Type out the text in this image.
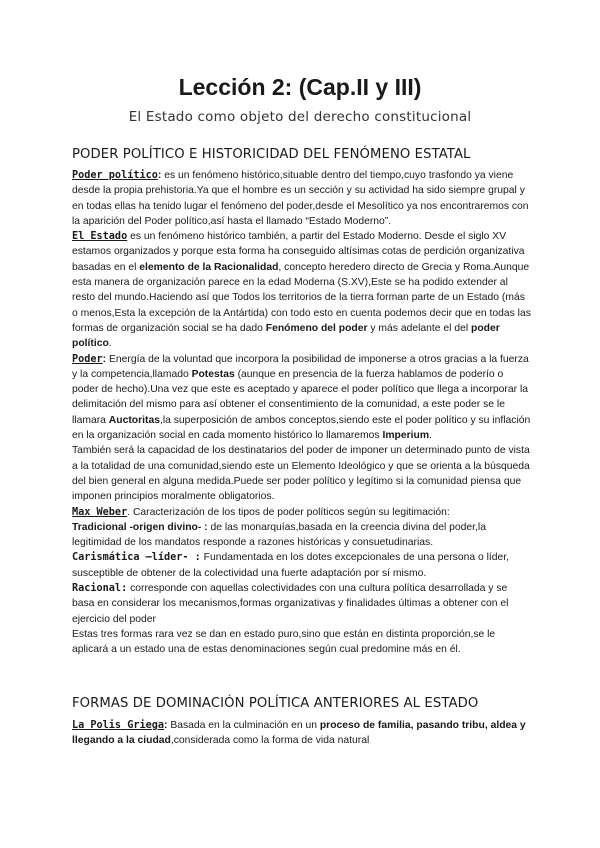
Lección 2: (Cap.II y III)
El Estado como objeto del derecho constitucional
PODER POLÍTICO E HISTORICIDAD DEL FENÓMENO ESTATAL

Poder político: es un fenómeno histórico,situable dentro del tiempo,cuyo trasfondo ya viene desde la propia prehistoria.Ya que el hombre es un sección y su actividad ha sido siempre grupal y en todas ellas ha tenido lugar el fenómeno del poder,desde el Mesolítico ya nos encontraremos con la aparición del Poder político,así hasta el llamado “Estado Moderno”.

El Estado es un fenómeno histórico también, a partir del Estado Moderno. Desde el siglo XV estamos organizados y porque esta forma ha conseguido altísimas cotas de perdición organizativa basadas en el elemento de la Racionalidad, concepto heredero directo de Grecia y Roma.Aunque esta manera de organización parece en la edad Moderna (S.XV),Este se ha podido extender al resto del mundo.Haciendo así que Todos los territorios de la tierra forman parte de un Estado (más o menos,Esta la excepción de la Antártida) con todo esto en cuenta podemos decir que en todas las formas de organización social se ha dado Fenómeno del poder y más adelante el del poder político.

Poder: Energía de la voluntad que incorpora la posibilidad de imponerse a otros gracias a la fuerza y la competencia,llamado Potestas (aunque en presencia de la fuerza hablamos de poderío o poder de hecho).Una vez que este es aceptado y aparece el poder político que llega a incorporar la delimitación del mismo para así obtener el consentimiento de la comunidad, a este poder se le llamara Auctoritas,la superposición de ambos conceptos,siendo este el poder político y su inflación en la organización social en cada momento histórico lo llamaremos Imperium.

También será la capacidad de los destinatarios del poder de imponer un determinado punto de vista a la totalidad de una comunidad,siendo este un Elemento Ideológico y que se orienta a la búsqueda del bien general en alguna medida.Puede ser poder político y legítimo si la comunidad piensa que imponen principios moralmente obligatorios.

Max Weber. Caracterización de los tipos de poder políticos según su legitimación:

Tradicional -origen divino- : de las monarquías,basada en la creencia divina del poder,la legitimidad de los mandatos responde a razones históricas y consuetudinarias.

Carismática –líder- : Fundamentada en los dotes excepcionales de una persona o líder, susceptible de obtener de la colectividad una fuerte adaptación por sí mismo.

Racional: corresponde con aquellas colectividades con una cultura política desarrollada y se basa en considerar los mecanismos,formas organizativas y finalidades últimas a obtener con el ejercicio del poder

Estas tres formas rara vez se dan en estado puro,sino que están en distinta proporción,se le aplicará a un estado una de estas denominaciones según cual predomine más en él.

FORMAS DE DOMINACIÓN POLÍTICA ANTERIORES AL ESTADO

La Polis Griega: Basada en la culminación en un proceso de familia, pasando tribu, aldea y llegando a la ciudad,considerada como la forma de vida natural
